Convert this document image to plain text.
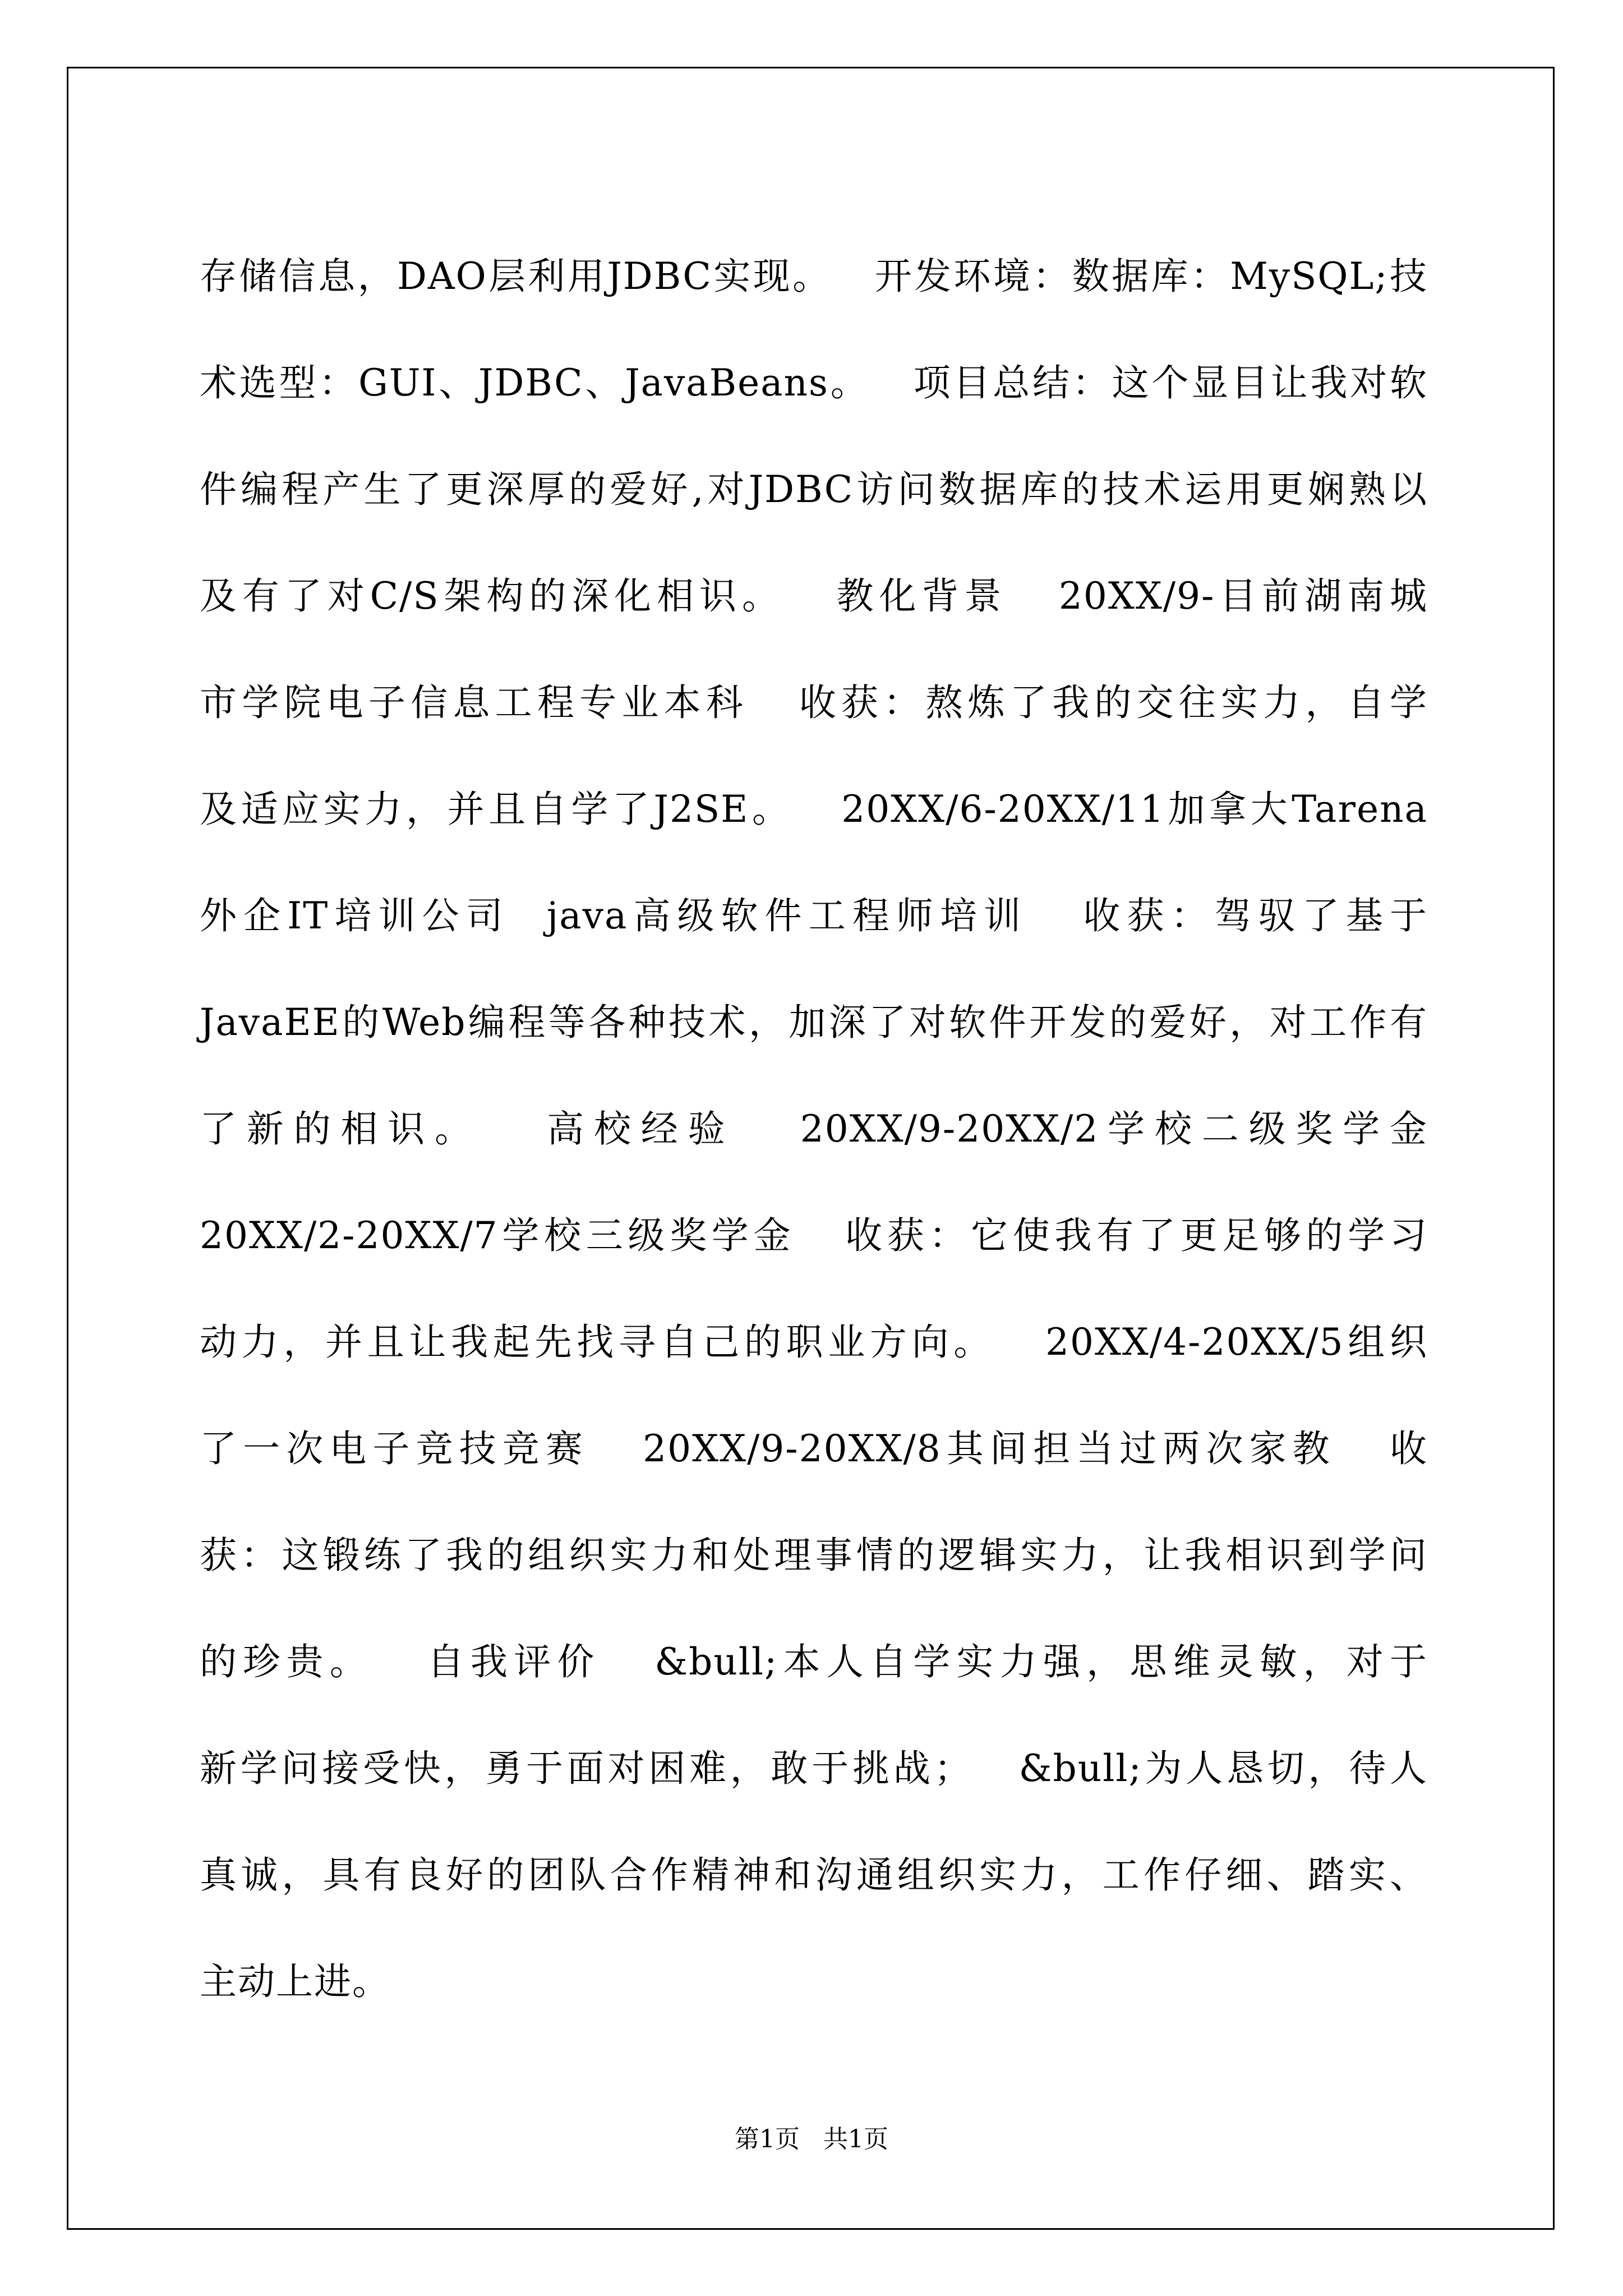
存储信息，DAO层利用JDBC实现。   开发环境：数据库：MySQL;技
术选型：GUI、JDBC、JavaBeans。   项目总结：这个显目让我对软
件编程产生了更深厚的爱好,对JDBC访问数据库的技术运用更娴熟以
及有了对C/S架构的深化相识。   教化背景   20XX/9-目前湖南城
市学院电子信息工程专业本科   收获：熬炼了我的交往实力，自学
及适应实力，并且自学了J2SE。   20XX/6-20XX/11加拿大Tarena
外企IT培训公司  java高级软件工程师培训   收获：驾驭了基于
JavaEE的Web编程等各种技术，加深了对软件开发的爱好，对工作有
了新的相识。   高校经验   20XX/9-20XX/2学校二级奖学金
20XX/2-20XX/7学校三级奖学金   收获：它使我有了更足够的学习
动力，并且让我起先找寻自己的职业方向。   20XX/4-20XX/5组织
了一次电子竞技竞赛   20XX/9-20XX/8其间担当过两次家教   收
获：这锻练了我的组织实力和处理事情的逻辑实力，让我相识到学问
的珍贵。   自我评价   &bull;本人自学实力强，思维灵敏，对于
新学问接受快，勇于面对困难，敢于挑战；   &bull;为人恳切，待人
真诚，具有良好的团队合作精神和沟通组织实力，工作仔细、踏实、
主动上进。
第1页 共1页
